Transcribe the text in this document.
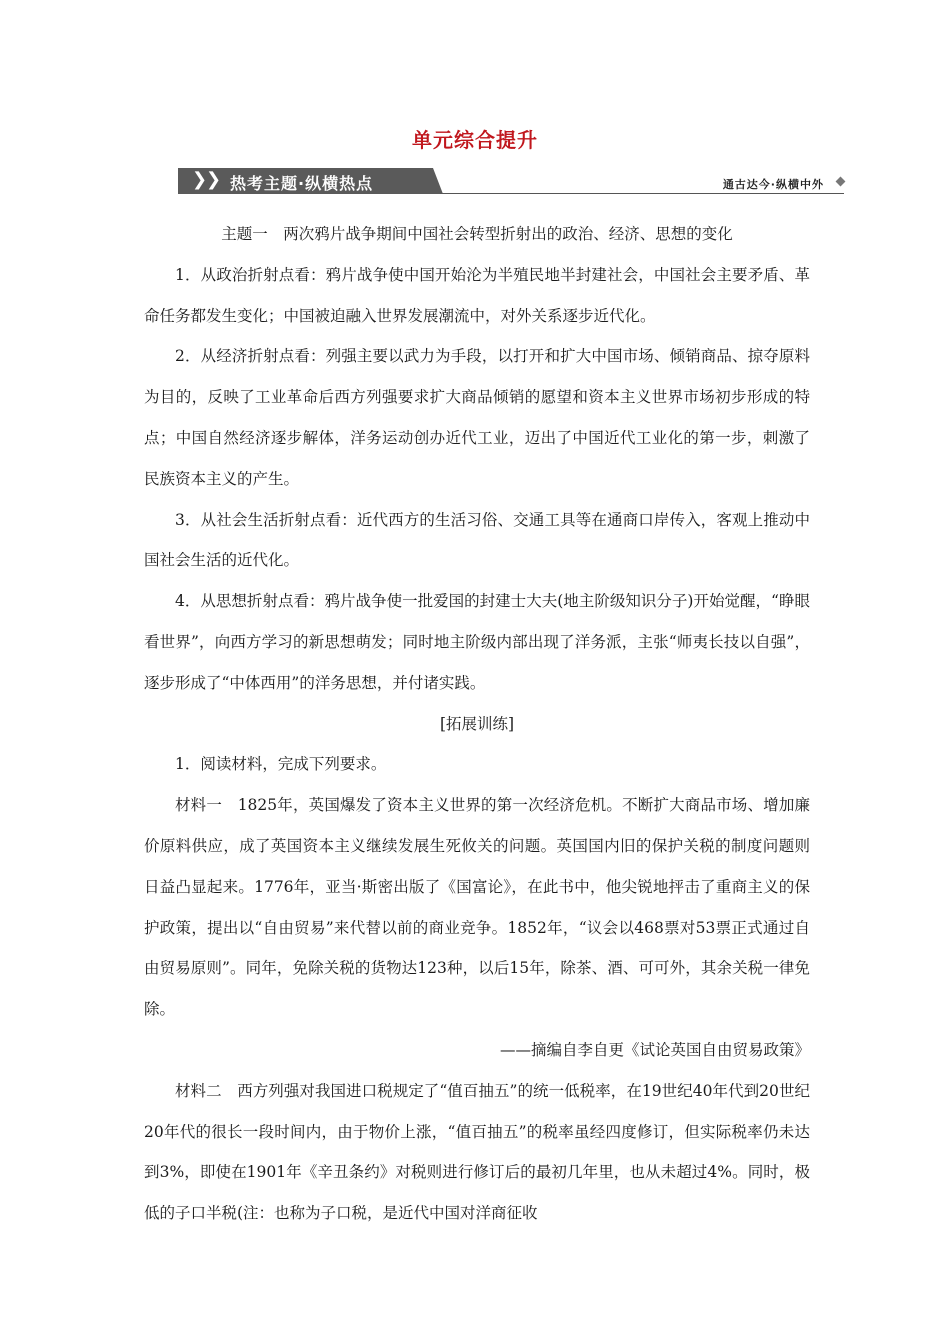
单元综合提升
❯
❯ 热考主题·纵横热点	通古达今·纵横中外

主题一　两次鸦片战争期间中国社会转型折射出的政治、经济、思想的变化

1．从政治折射点看：鸦片战争使中国开始沦为半殖民地半封建社会，中国社会主要矛盾、革命任务都发生变化；中国被迫融入世界发展潮流中，对外关系逐步近代化。

2．从经济折射点看：列强主要以武力为手段，以打开和扩大中国市场、倾销商品、掠夺原料为目的，反映了工业革命后西方列强要求扩大商品倾销的愿望和资本主义世界市场初步形成的特点；中国自然经济逐步解体，洋务运动创办近代工业，迈出了中国近代工业化的第一步，刺激了民族资本主义的产生。

3．从社会生活折射点看：近代西方的生活习俗、交通工具等在通商口岸传入，客观上推动中国社会生活的近代化。

4．从思想折射点看：鸦片战争使一批爱国的封建士大夫(地主阶级知识分子)开始觉醒，“睁眼看世界”，向西方学习的新思想萌发；同时地主阶级内部出现了洋务派，主张“师夷长技以自强”，逐步形成了“中体西用”的洋务思想，并付诸实践。

[拓展训练]

1．阅读材料，完成下列要求。

材料一　1825年，英国爆发了资本主义世界的第一次经济危机。不断扩大商品市场、增加廉价原料供应，成了英国资本主义继续发展生死攸关的问题。英国国内旧的保护关税的制度问题则日益凸显起来。1776年，亚当·斯密出版了《国富论》，在此书中，他尖锐地抨击了重商主义的保护政策，提出以“自由贸易”来代替以前的商业竞争。1852年，“议会以468票对53票正式通过自由贸易原则”。同年，免除关税的货物达123种，以后15年，除茶、酒、可可外，其余关税一律免除。

——摘编自李自更《试论英国自由贸易政策》

材料二　西方列强对我国进口税规定了“值百抽五”的统一低税率，在19世纪40年代到20世纪20年代的很长一段时间内，由于物价上涨，“值百抽五”的税率虽经四度修订，但实际税率仍未达到3%，即使在1901年《辛丑条约》对税则进行修订后的最初几年里，也从未超过4%。同时，极低的子口半税(注：也称为子口税，是近代中国对洋商征收
